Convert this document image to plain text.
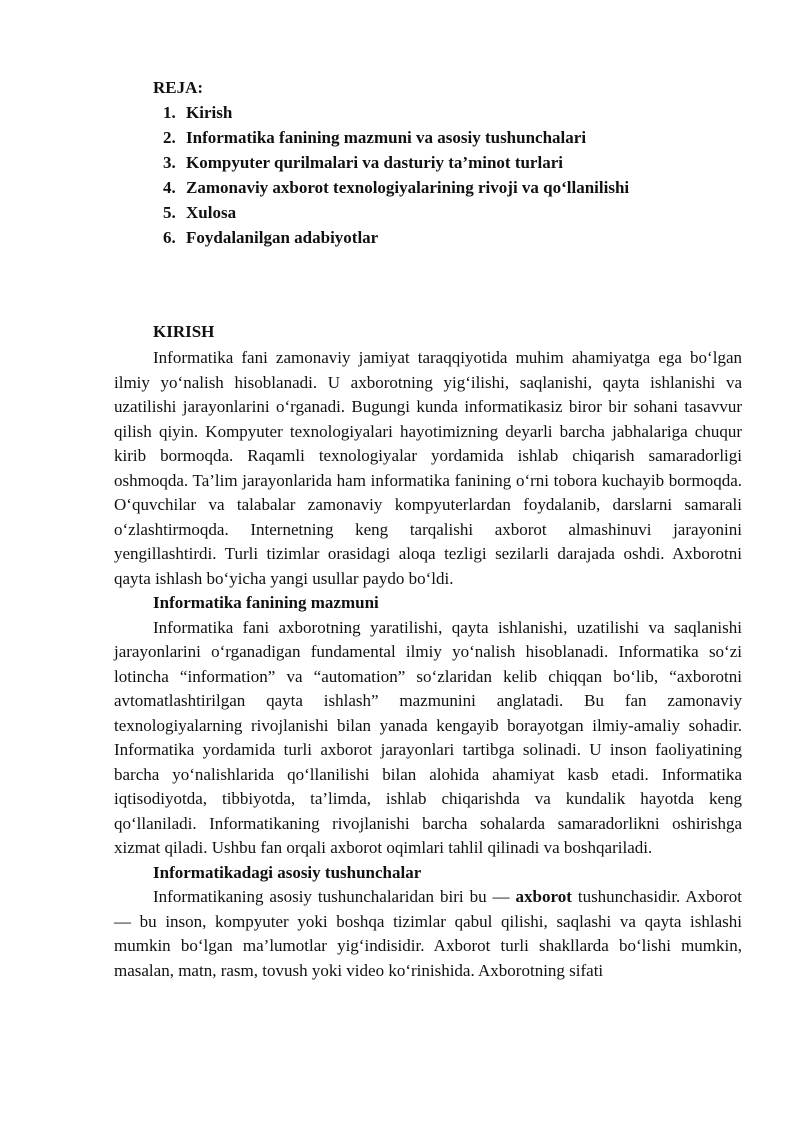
REJA:
1. Kirish
2. Informatika fanining mazmuni va asosiy tushunchalari
3. Kompyuter qurilmalari va dasturiy ta’minot turlari
4. Zamonaviy axborot texnologiyalarining rivoji va qo‘llanilishi
5. Xulosa
6. Foydalanilgan adabiyotlar
KIRISH

Informatika fani zamonaviy jamiyat taraqqiyotida muhim ahamiyatga ega bo‘lgan ilmiy yo‘nalish hisoblanadi. U axborotning yig‘ilishi, saqlanishi, qayta ishlanishi va uzatilishi jarayonlarini o‘rganadi. Bugungi kunda informatikasiz biror bir sohani tasavvur qilish qiyin. Kompyuter texnologiyalari hayotimizning deyarli barcha jabhalariga chuqur kirib bormoqda. Raqamli texnologiyalar yordamida ishlab chiqarish samaradorligi oshmoqda. Ta’lim jarayonlarida ham informatika fanining o‘rni tobora kuchayib bormoqda. O‘quvchilar va talabalar zamonaviy kompyuterlardan foydalanib, darslarni samarali o‘zlashtirmoqda. Internetning keng tarqalishi axborot almashinuvi jarayonini yengillashtirdi. Turli tizimlar orasidagi aloqa tezligi sezilarli darajada oshdi. Axborotni qayta ishlash bo‘yicha yangi usullar paydo bo‘ldi.

Informatika fanining mazmuni

Informatika fani axborotning yaratilishi, qayta ishlanishi, uzatilishi va saqlanishi jarayonlarini o‘rganadigan fundamental ilmiy yo‘nalish hisoblanadi. Informatika so‘zi lotincha “information” va “automation” so‘zlaridan kelib chiqqan bo‘lib, “axborotni avtomatlashtirilgan qayta ishlash” mazmunini anglatadi. Bu fan zamonaviy texnologiyalarning rivojlanishi bilan yanada kengayib borayotgan ilmiy-amaliy sohadir. Informatika yordamida turli axborot jarayonlari tartibga solinadi. U inson faoliyatining barcha yo‘nalishlarida qo‘llanilishi bilan alohida ahamiyat kasb etadi. Informatika iqtisodiyotda, tibbiyotda, ta’limda, ishlab chiqarishda va kundalik hayotda keng qo‘llaniladi. Informatikaning rivojlanishi barcha sohalarda samaradorlikni oshirishga xizmat qiladi. Ushbu fan orqali axborot oqimlari tahlil qilinadi va boshqariladi.

Informatikadagi asosiy tushunchalar

Informatikaning asosiy tushunchalaridan biri bu — axborot tushunchasidir. Axborot — bu inson, kompyuter yoki boshqa tizimlar qabul qilishi, saqlashi va qayta ishlashi mumkin bo‘lgan ma’lumotlar yig‘indisidir. Axborot turli shakllarda bo‘lishi mumkin, masalan, matn, rasm, tovush yoki video ko‘rinishida. Axborotning sifati
